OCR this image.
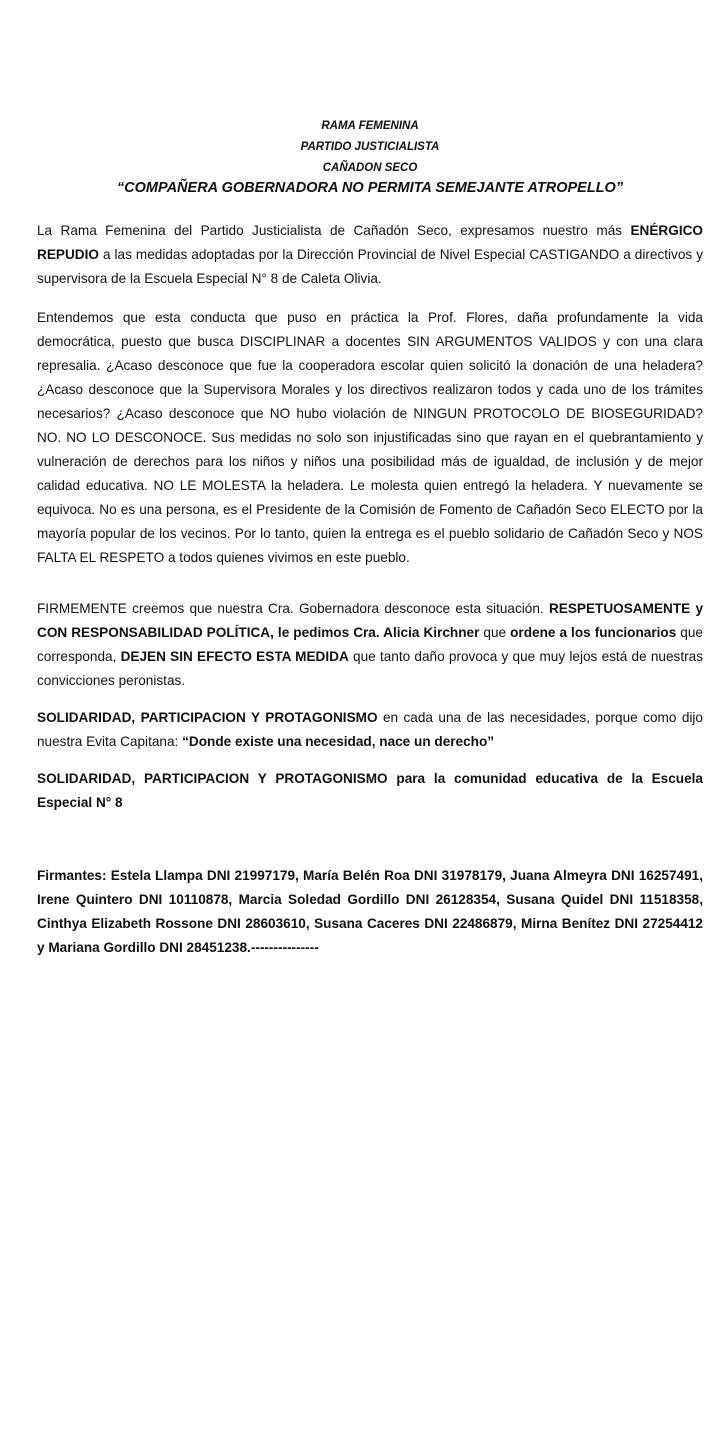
RAMA FEMENINA
PARTIDO JUSTICIALISTA
CAÑADON SECO
“COMPAÑERA GOBERNADORA NO PERMITA SEMEJANTE ATROPELLO”

La Rama Femenina del Partido Justicialista de Cañadón Seco, expresamos nuestro más ENÉRGICO REPUDIO a las medidas adoptadas por la Dirección Provincial de Nivel Especial CASTIGANDO a directivos y supervisora de la Escuela Especial N° 8 de Caleta Olivia.

Entendemos que esta conducta que puso en práctica la Prof. Flores, daña profundamente la vida democrática, puesto que busca DISCIPLINAR a docentes SIN ARGUMENTOS VALIDOS y con una clara represalia. ¿Acaso desconoce que fue la cooperadora escolar quien solicitó la donación de una heladera? ¿Acaso desconoce que la Supervisora Morales y los directivos realizaron todos y cada uno de los trámites necesarios? ¿Acaso desconoce que NO hubo violación de NINGUN PROTOCOLO DE BIOSEGURIDAD? NO. NO LO DESCONOCE. Sus medidas no solo son injustificadas sino que rayan en el quebrantamiento y vulneración de derechos para los niños y niños una posibilidad más de igualdad, de inclusión y de mejor calidad educativa. NO LE MOLESTA la heladera. Le molesta quien entregó la heladera. Y nuevamente se equivoca. No es una persona, es el Presidente de la Comisión de Fomento de Cañadón Seco ELECTO por la mayoría popular de los vecinos. Por lo tanto, quien la entrega es el pueblo solidario de Cañadón Seco y NOS FALTA EL RESPETO a todos quienes vivimos en este pueblo.

FIRMEMENTE creemos que nuestra Cra. Gobernadora desconoce esta situación. RESPETUOSAMENTE y CON RESPONSABILIDAD POLÍTICA, le pedimos Cra. Alicia Kirchner que ordene a los funcionarios que corresponda, DEJEN SIN EFECTO ESTA MEDIDA que tanto daño provoca y que muy lejos está de nuestras convicciones peronistas.

SOLIDARIDAD, PARTICIPACION Y PROTAGONISMO en cada una de las necesidades, porque como dijo nuestra Evita Capitana: “Donde existe una necesidad, nace un derecho”

SOLIDARIDAD, PARTICIPACION Y PROTAGONISMO para la comunidad educativa de la Escuela Especial N° 8

Firmantes: Estela Llampa DNI 21997179, María Belén Roa DNI 31978179, Juana Almeyra DNI 16257491, Irene Quintero DNI 10110878, Marcia Soledad Gordillo DNI 26128354, Susana Quidel DNI 11518358, Cinthya Elizabeth Rossone DNI 28603610, Susana Caceres DNI 22486879, Mirna Benítez DNI 27254412 y Mariana Gordillo DNI 28451238.---------------
